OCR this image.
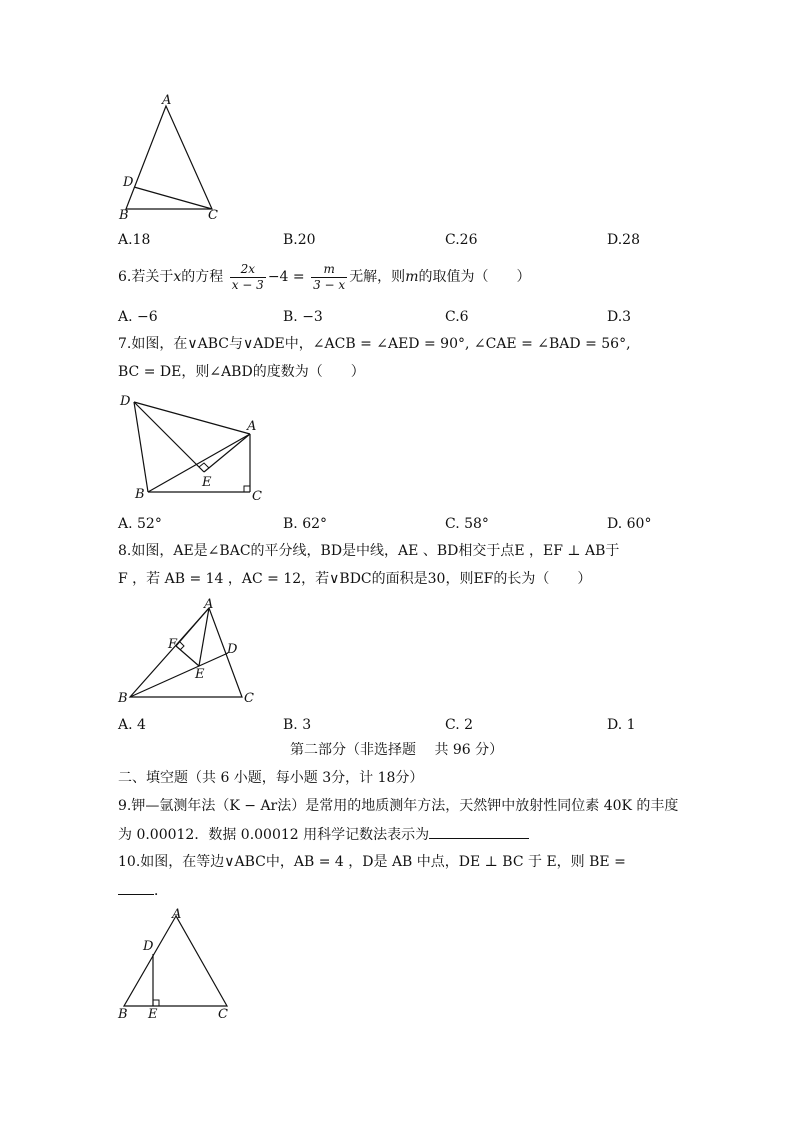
A
D
B	C
A.18	B.20	C.26	D.28
6.若关于x的方程 $\frac{2x}{x - 3} -4 = \frac{m}{3 - x}$ 无解，则m的取值为（　　）
A. −6	B. −3	C.6	D.3
7.如图，在∨ABC与∨ADE中，∠ACB = ∠AED = 90°, ∠CAE = ∠BAD = 56°,
BC = DE，则∠ABD的度数为（　　）
D
A
E
B	C
A. 52°	B. 62°	C. 58°	D. 60°
8.如图，AE是∠BAC的平分线，BD是中线，AE 、BD相交于点E ，EF ⊥ AB于
F ，若 AB = 14 ，AC = 12，若∨BDC的面积是30，则EF的长为（　　）
A
F	D
E
B	C
A. 4	B. 3	C. 2	D. 1
第二部分（非选择题　 共 96 分）
二、填空题（共 6 小题，每小题 3分，计 18分）
9.钾—氩测年法（K − Ar法）是常用的地质测年方法，天然钾中放射性同位素 40K 的丰度
为 0.00012．数据 0.00012 用科学记数法表示为
10.如图，在等边∨ABC中，AB = 4 ，D是 AB 中点，DE ⊥ BC 于 E，则 BE =
．
A
D
B E	C
